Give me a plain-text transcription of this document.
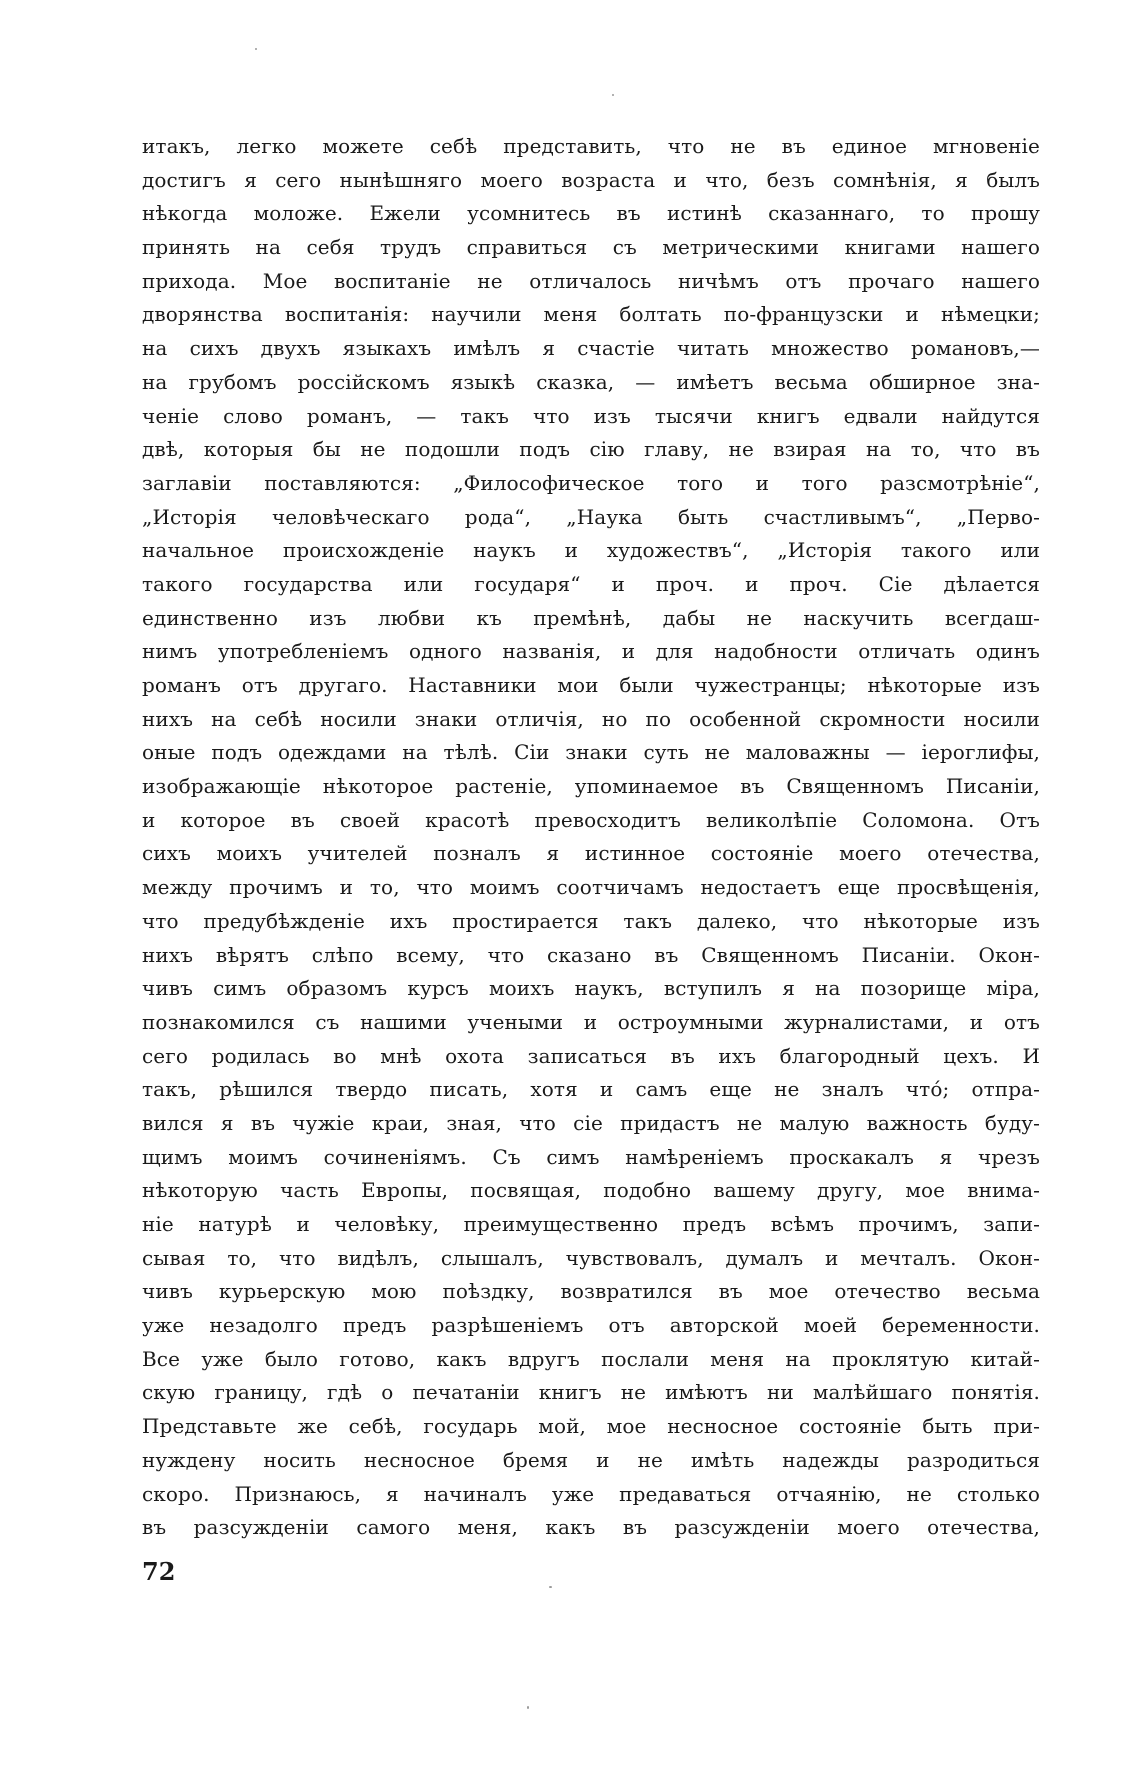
итакъ, легко можете себѣ представить, что не въ единое мгновеніе
достигъ я сего нынѣшняго моего возраста и что, безъ сомнѣнія, я былъ
нѣкогда моложе. Ежели усомнитесь въ истинѣ сказаннаго, то прошу
принять на себя трудъ справиться съ метрическими книгами нашего
прихода. Мое воспитаніе не отличалось ничѣмъ отъ прочаго нашего
дворянства воспитанія: научили меня болтать по-французски и нѣмецки;
на сихъ двухъ языкахъ имѣлъ я счастіе читать множество романовъ,—
на грубомъ россійскомъ языкѣ сказка, — имѣетъ весьма обширное зна-
ченіе слово романъ, — такъ что изъ тысячи книгъ едвали найдутся
двѣ, которыя бы не подошли подъ сію главу, не взирая на то, что въ
заглавіи поставляются: „Философическое того и того разсмотрѣніе“,
„Исторія человѣческаго рода“, „Наука быть счастливымъ“, „Перво-
начальное происхожденіе наукъ и художествъ“, „Исторія такого или
такого государства или государя“ и проч. и проч. Сіе дѣлается
единственно изъ любви къ премѣнѣ, дабы не наскучить всегдаш-
нимъ употребленіемъ одного названія, и для надобности отличать одинъ
романъ отъ другаго. Наставники мои были чужестранцы; нѣкоторые изъ
нихъ на себѣ носили знаки отличія, но по особенной скромности носили
оные подъ одеждами на тѣлѣ. Сіи знаки суть не маловажны — іероглифы,
изображающіе нѣкоторое растеніе, упоминаемое въ Священномъ Писаніи,
и которое въ своей красотѣ превосходитъ великолѣпіе Соломона. Отъ
сихъ моихъ учителей позналъ я истинное состояніе моего отечества,
между прочимъ и то, что моимъ соотчичамъ недостаетъ еще просвѣщенія,
что предубѣжденіе ихъ простирается такъ далеко, что нѣкоторые изъ
нихъ вѣрятъ слѣпо всему, что сказано въ Священномъ Писаніи. Окон-
чивъ симъ образомъ курсъ моихъ наукъ, вступилъ я на позорище міра,
познакомился съ нашими учеными и остроумными журналистами, и отъ
сего родилась во мнѣ охота записаться въ ихъ благородный цехъ. И
такъ, рѣшился твердо писать, хотя и самъ еще не зналъ что́; отпра-
вился я въ чужіе краи, зная, что сіе придастъ не малую важность буду-
щимъ моимъ сочиненіямъ. Съ симъ намѣреніемъ проскакалъ я чрезъ
нѣкоторую часть Европы, посвящая, подобно вашему другу, мое внима-
ніе натурѣ и человѣку, преимущественно предъ всѣмъ прочимъ, запи-
сывая то, что видѣлъ, слышалъ, чувствовалъ, думалъ и мечталъ. Окон-
чивъ курьерскую мою поѣздку, возвратился въ мое отечество весьма
уже незадолго предъ разрѣшеніемъ отъ авторской моей беременности.
Все уже было готово, какъ вдругъ послали меня на проклятую китай-
скую границу, гдѣ о печатаніи книгъ не имѣютъ ни малѣйшаго понятія.
Представьте же себѣ, государь мой, мое несносное состояніе быть при-
нуждену носить несносное бремя и не имѣть надежды разродиться
скоро. Признаюсь, я начиналъ уже предаваться отчаянію, не столько
въ разсужденіи самого меня, какъ въ разсужденіи моего отечества,
72
